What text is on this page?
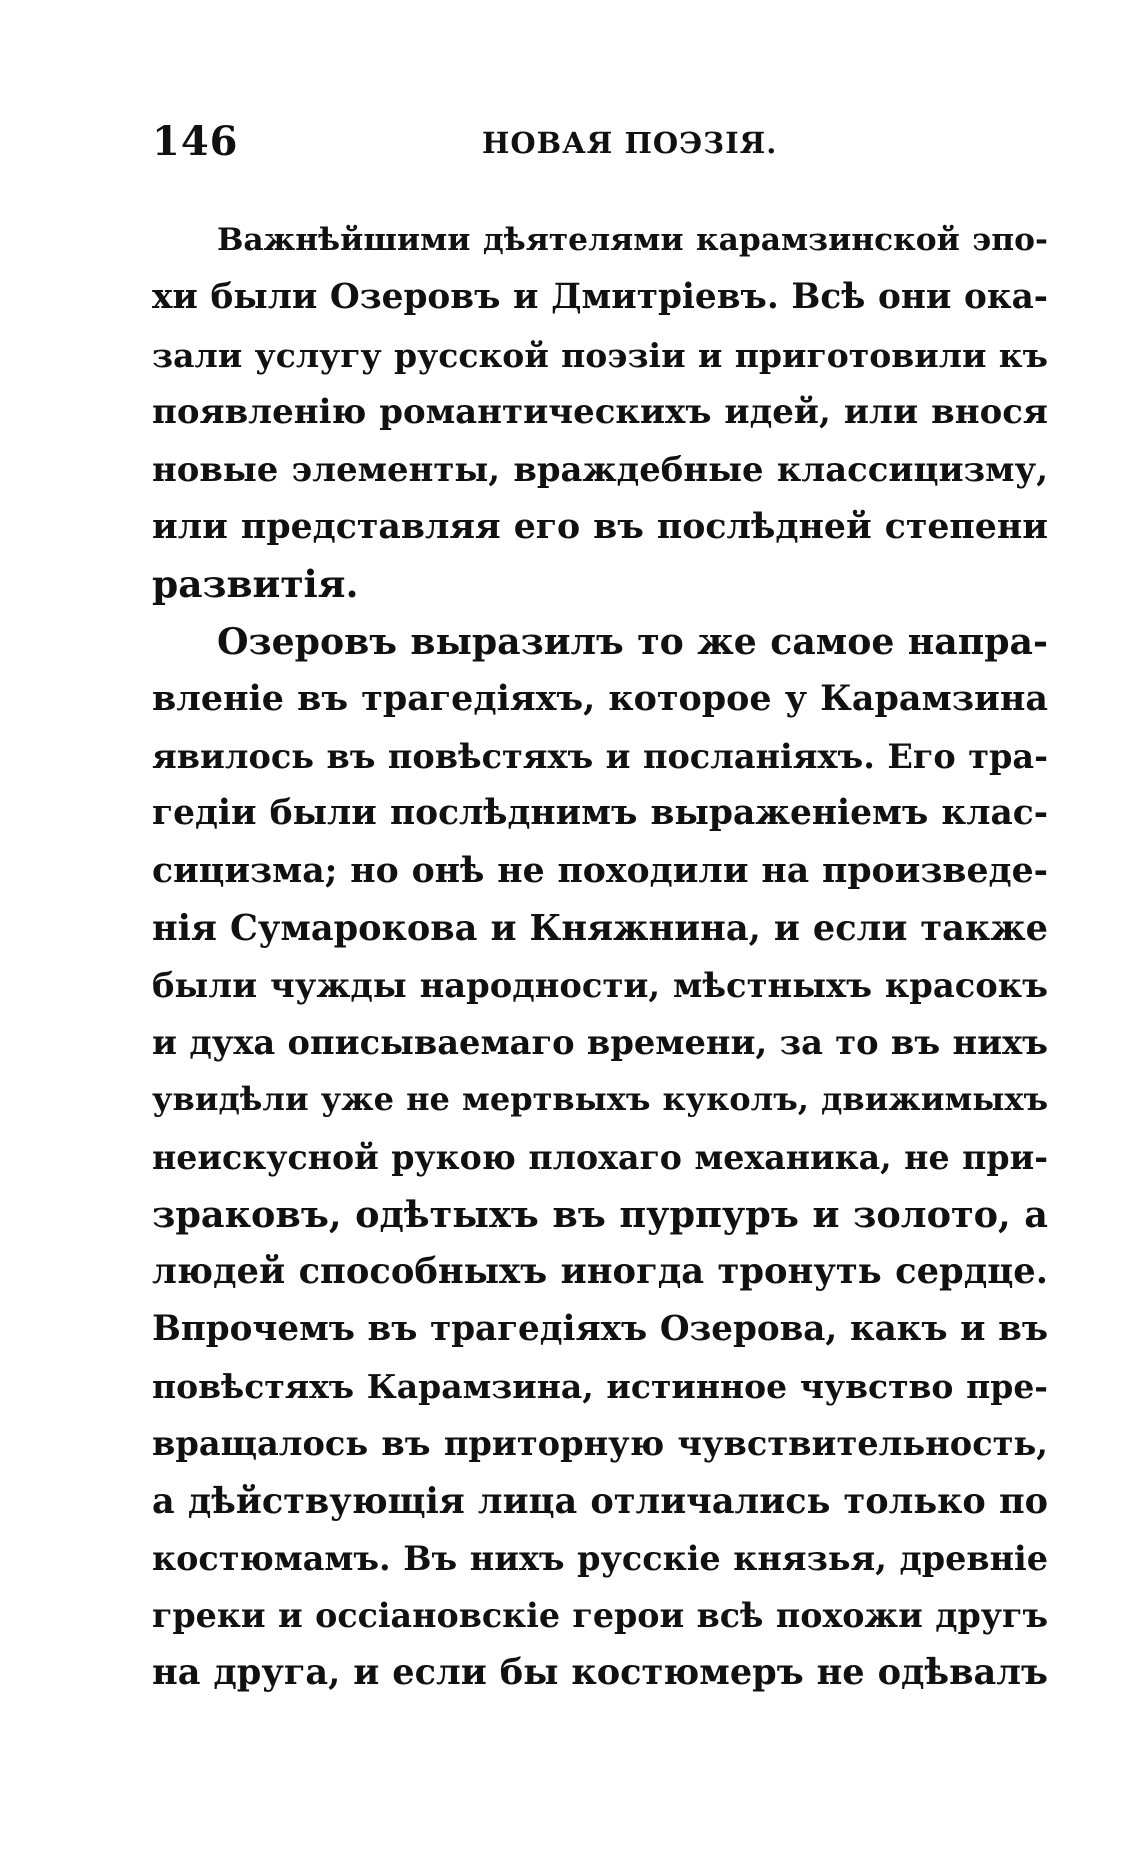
146	НОВАЯ ПОЭЗІЯ.
Важнѣйшими дѣятелями карамзинской эпо-
хи были Озеровъ и Дмитріевъ. Всѣ они ока-
зали услугу русской поэзіи и приготовили къ
появленію романтическихъ идей, или внося
новые элементы, враждебные классицизму,
или представляя его въ послѣдней степени
развитія.
Озеровъ выразилъ то же самое напра-
вленіе въ трагедіяхъ, которое у Карамзина
явилось въ повѣстяхъ и посланіяхъ. Его тра-
гедіи были послѣднимъ выраженіемъ клас-
сицизма; но онѣ не походили на произведе-
нія Сумарокова и Княжнина, и если также
были чужды народности, мѣстныхъ красокъ
и духа описываемаго времени, за то въ нихъ
увидѣли уже не мертвыхъ куколъ, движимыхъ
неискусной рукою плохаго механика, не при-
зраковъ, одѣтыхъ въ пурпуръ и золото, а
людей способныхъ иногда тронуть сердце.
Впрочемъ въ трагедіяхъ Озерова, какъ и въ
повѣстяхъ Карамзина, истинное чувство пре-
вращалось въ приторную чувствительность,
а дѣйствующія лица отличались только по
костюмамъ. Въ нихъ русскіе князья, древніе
греки и оссіановскіе герои всѣ похожи другъ
на друга, и если бы костюмеръ не одѣвалъ
